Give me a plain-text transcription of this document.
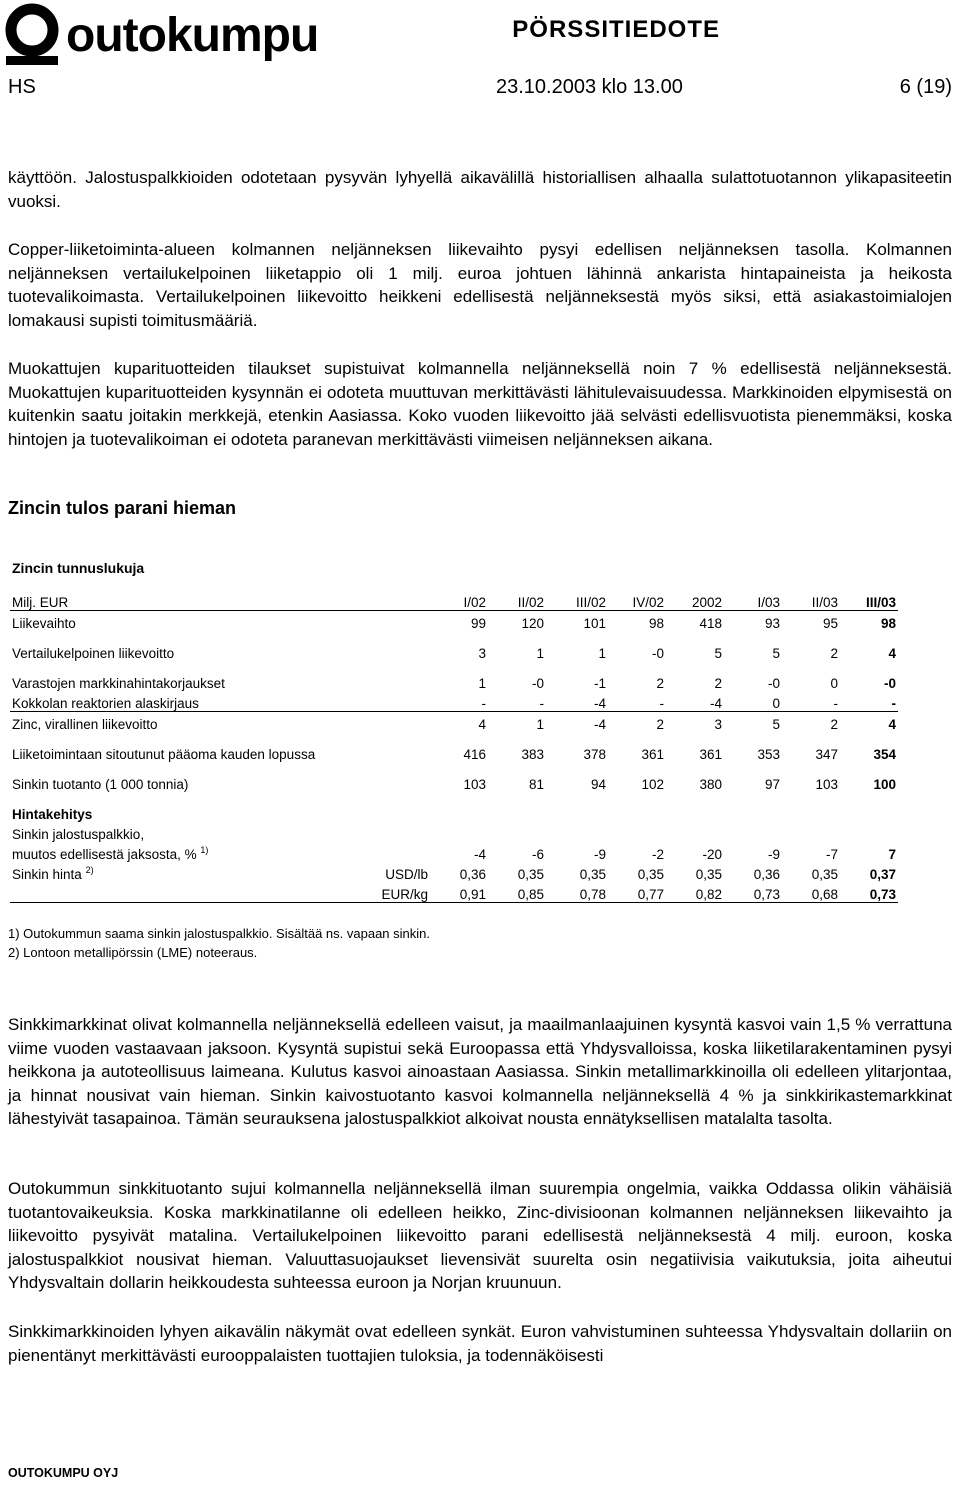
outokumpu	PÖRSSITIEDOTE
HS	23.10.2003 klo 13.00	6 (19)

käyttöön. Jalostuspalkkioiden odotetaan pysyvän lyhyellä aikavälillä historiallisen alhaalla sulattotuotannon ylikapasiteetin vuoksi.

Copper-liiketoiminta-alueen kolmannen neljänneksen liikevaihto pysyi edellisen neljänneksen tasolla. Kolmannen neljänneksen vertailukelpoinen liiketappio oli 1 milj. euroa johtuen lähinnä ankarista hintapaineista ja heikosta tuotevalikoimasta. Vertailukelpoinen liikevoitto heikkeni edellisestä neljänneksestä myös siksi, että asiakastoimialojen lomakausi supisti toimitusmääriä.

Muokattujen kuparituotteiden tilaukset supistuivat kolmannella neljänneksellä noin 7 % edellisestä neljänneksestä. Muokattujen kuparituotteiden kysynnän ei odoteta muuttuvan merkittävästi lähitulevaisuudessa. Markkinoiden elpymisestä on kuitenkin saatu joitakin merkkejä, etenkin Aasiassa. Koko vuoden liikevoitto jää selvästi edellisvuotista pienemmäksi, koska hintojen ja tuotevalikoiman ei odoteta paranevan merkittävästi viimeisen neljänneksen aikana.

Zincin tulos parani hieman
Zincin tunnuslukuja
Milj. EUR		I/02	II/02	III/02	IV/02	2002	I/03	II/03	III/03
Liikevaihto		99	120	101	98	418	93	95	98

Vertailukelpoinen liikevoitto		3	1	1	-0	5	5	2	4

Varastojen markkinahintakorjaukset		1	-0	-1	2	2	-0	0	-0
Kokkolan reaktorien alaskirjaus		-	-	-4	-	-4	0	-	-
Zinc, virallinen liikevoitto		4	1	-4	2	3	5	2	4

Liiketoimintaan sitoutunut pääoma kauden lopussa		416	383	378	361	361	353	347	354

Sinkin tuotanto (1 000 tonnia)		103	81	94	102	380	97	103	100

Hintakehitys									
Sinkin jalostuspalkkio,									
muutos edellisestä jaksosta, % $^{1)}$		-4	-6	-9	-2	-20	-9	-7	7
Sinkin hinta $^{2)}$	USD/lb	0,36	0,35	0,35	0,35	0,35	0,36	0,35	0,37
	EUR/kg	0,91	0,85	0,78	0,77	0,82	0,73	0,68	0,73
1) Outokummun saama sinkin jalostuspalkkio. Sisältää ns. vapaan sinkin.
2) Lontoon metallipörssin (LME) noteeraus.

Sinkkimarkkinat olivat kolmannella neljänneksellä edelleen vaisut, ja maailmanlaajuinen kysyntä kasvoi vain 1,5 % verrattuna viime vuoden vastaavaan jaksoon. Kysyntä supistui sekä Euroopassa että Yhdysvalloissa, koska liiketilarakentaminen pysyi heikkona ja autoteollisuus laimeana. Kulutus kasvoi ainoastaan Aasiassa. Sinkin metallimarkkinoilla oli edelleen ylitarjontaa, ja hinnat nousivat vain hieman. Sinkin kaivostuotanto kasvoi kolmannella neljänneksellä 4 % ja sinkkirikastemarkkinat lähestyivät tasapainoa. Tämän seurauksena jalostuspalkkiot alkoivat nousta ennätyksellisen matalalta tasolta.

Outokummun sinkkituotanto sujui kolmannella neljänneksellä ilman suurempia ongelmia, vaikka Oddassa olikin vähäisiä tuotantovaikeuksia. Koska markkinatilanne oli edelleen heikko, Zinc-divisioonan kolmannen neljänneksen liikevaihto ja liikevoitto pysyivät matalina. Vertailukelpoinen liikevoitto parani edellisestä neljänneksestä 4 milj. euroon, koska jalostuspalkkiot nousivat hieman. Valuuttasuojaukset lievensivät suurelta osin negatiivisia vaikutuksia, joita aiheutui Yhdysvaltain dollarin heikkoudesta suhteessa euroon ja Norjan kruunuun.

Sinkkimarkkinoiden lyhyen aikavälin näkymät ovat edelleen synkät. Euron vahvistuminen suhteessa Yhdysvaltain dollariin on pienentänyt merkittävästi eurooppalaisten tuottajien tuloksia, ja todennäköisesti

OUTOKUMPU OYJ
